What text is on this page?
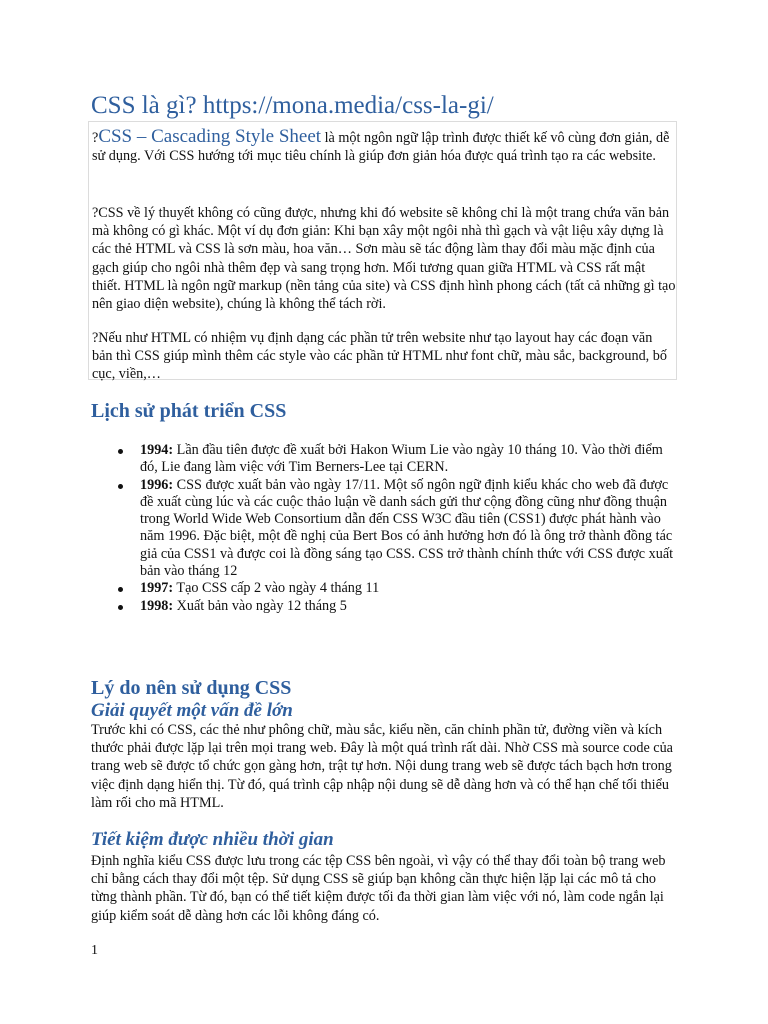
CSS là gì? https://mona.media/css-la-gi/

?CSS – Cascading Style Sheet là một ngôn ngữ lập trình được thiết kế vô cùng đơn giản, dễ sử dụng. Với CSS hướng tới mục tiêu chính là giúp đơn giản hóa được quá trình tạo ra các website.

?CSS về lý thuyết không có cũng được, nhưng khi đó website sẽ không chỉ là một trang chứa văn bản mà không có gì khác. Một ví dụ đơn giản: Khi bạn xây một ngôi nhà thì gạch và vật liệu xây dựng là các thẻ HTML và CSS là sơn màu, hoa văn… Sơn màu sẽ tác động làm thay đổi màu mặc định của gạch giúp cho ngôi nhà thêm đẹp và sang trọng hơn. Mối tương quan giữa HTML và CSS rất mật thiết. HTML là ngôn ngữ markup (nền tảng của site) và CSS định hình phong cách (tất cả những gì tạo nên giao diện website), chúng là không thể tách rời.

?Nếu như HTML có nhiệm vụ định dạng các phần tử trên website như tạo layout hay các đoạn văn bản thì CSS giúp mình thêm các style vào các phần tử HTML như font chữ, màu sắc, background, bố cục, viền,…

Lịch sử phát triển CSS
1994: Lần đầu tiên được đề xuất bởi Hakon Wium Lie vào ngày 10 tháng 10. Vào thời điểm đó, Lie đang làm việc với Tim Berners-Lee tại CERN.
1996: CSS được xuất bản vào ngày 17/11. Một số ngôn ngữ định kiểu khác cho web đã được đề xuất cùng lúc và các cuộc thảo luận về danh sách gửi thư cộng đồng cũng như đồng thuận trong World Wide Web Consortium dẫn đến CSS W3C đầu tiên (CSS1) được phát hành vào năm 1996. Đặc biệt, một đề nghị của Bert Bos có ảnh hưởng hơn đó là ông trở thành đồng tác giả của CSS1 và được coi là đồng sáng tạo CSS. CSS trở thành chính thức với CSS được xuất bản vào tháng 12
1997: Tạo CSS cấp 2 vào ngày 4 tháng 11
1998: Xuất bản vào ngày 12 tháng 5
Lý do nên sử dụng CSS
Giải quyết một vấn đề lớn

Trước khi có CSS, các thẻ như phông chữ, màu sắc, kiểu nền, căn chỉnh phần tử, đường viền và kích thước phải được lặp lại trên mọi trang web. Đây là một quá trình rất dài. Nhờ CSS mà source code của trang web sẽ được tổ chức gọn gàng hơn, trật tự hơn. Nội dung trang web sẽ được tách bạch hơn trong việc định dạng hiển thị. Từ đó, quá trình cập nhập nội dung sẽ dễ dàng hơn và có thể hạn chế tối thiểu làm rối cho mã HTML.

Tiết kiệm được nhiều thời gian

Định nghĩa kiểu CSS được lưu trong các tệp CSS bên ngoài, vì vậy có thể thay đổi toàn bộ trang web chỉ bằng cách thay đổi một tệp. Sử dụng CSS sẽ giúp bạn không cần thực hiện lặp lại các mô tả cho từng thành phần. Từ đó, bạn có thể tiết kiệm được tối đa thời gian làm việc với nó, làm code ngắn lại giúp kiểm soát dễ dàng hơn các lỗi không đáng có.

1
